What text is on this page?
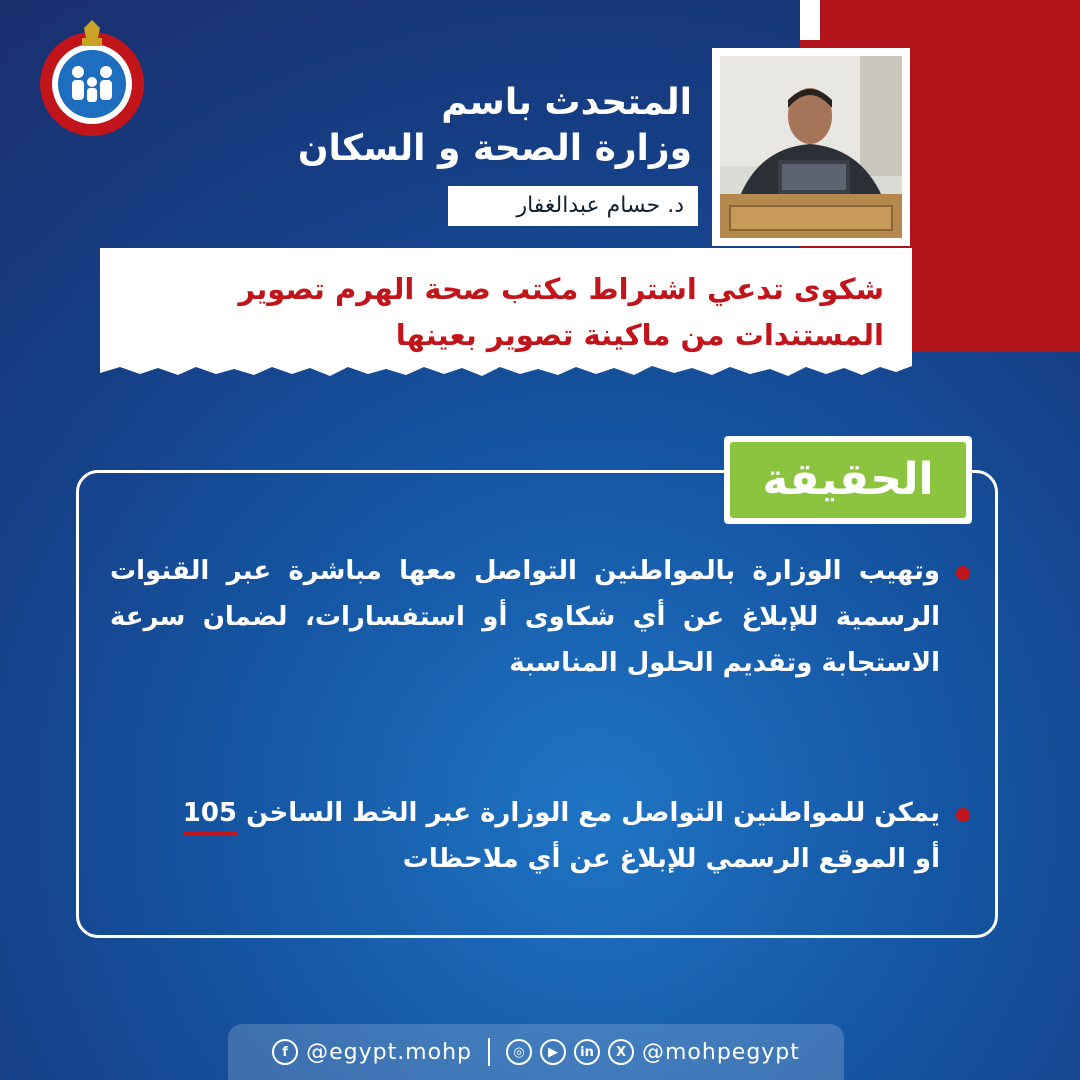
المتحدث باسم
وزارة الصحة و السكان
د. حسام عبدالغفار
شكوى تدعي اشتراط مكتب صحة الهرم تصوير المستندات من ماكينة تصوير بعينها
الحقيقة
وتهيب الوزارة بالمواطنين التواصل معها مباشرة عبر القنوات الرسمية للإبلاغ عن أي شكاوى أو استفسارات، لضمان سرعة الاستجابة وتقديم الحلول المناسبة
يمكن للمواطنين التواصل مع الوزارة عبر الخط الساخن 105
أو الموقع الرسمي للإبلاغ عن أي ملاحظات
f @egypt.mohp	◎	▶	in	X @mohpegypt
